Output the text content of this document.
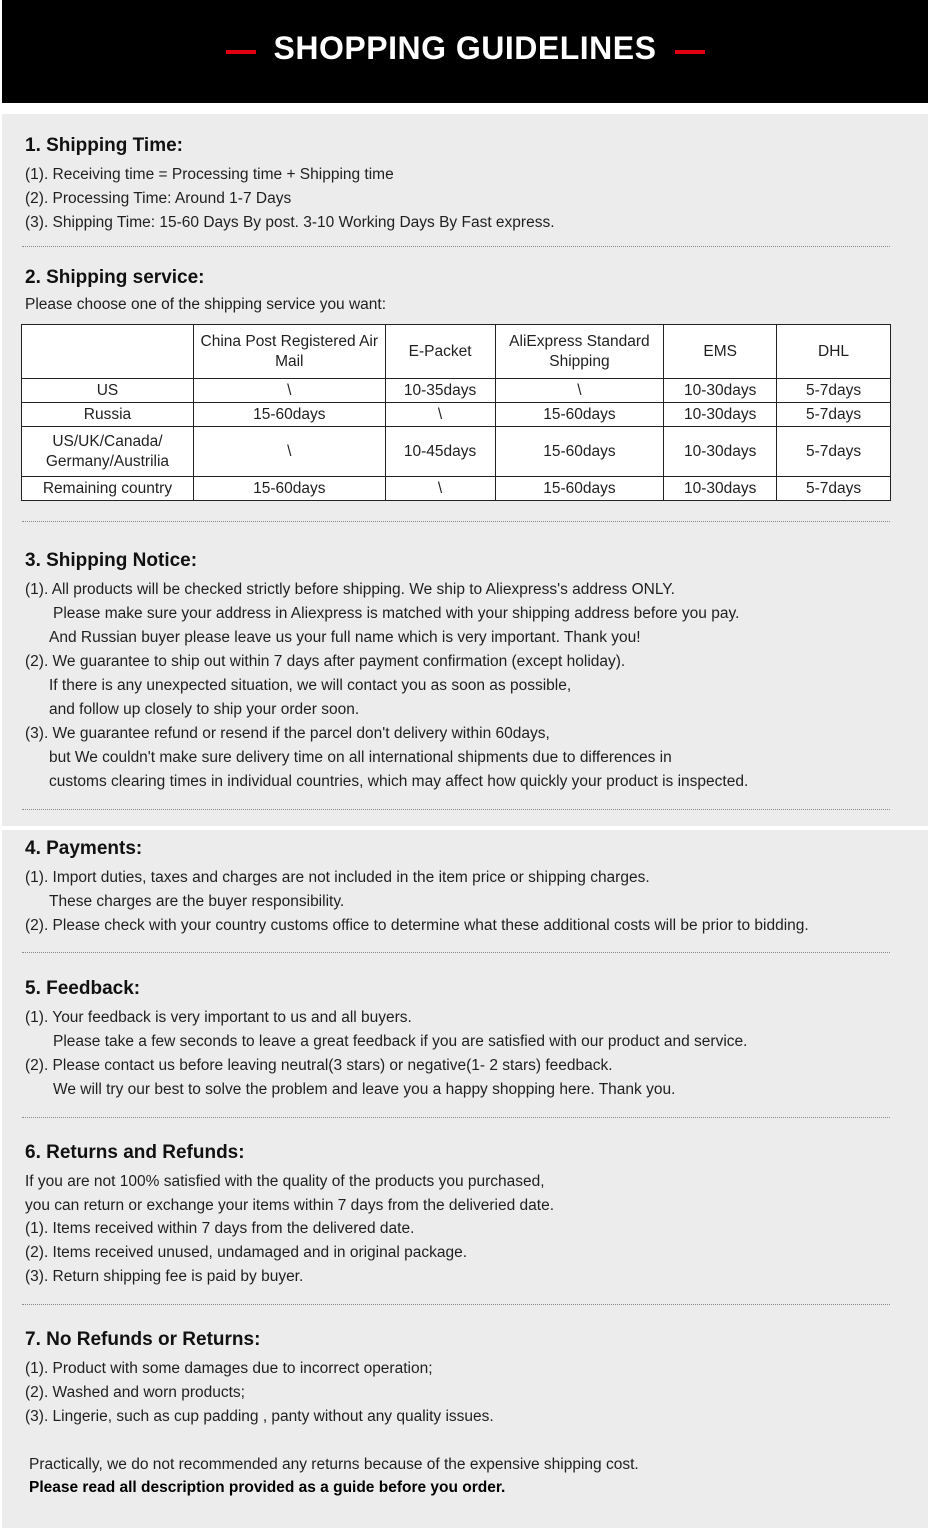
SHOPPING GUIDELINES
1. Shipping Time:
(1). Receiving time = Processing time + Shipping time
(2). Processing Time: Around 1-7 Days
(3). Shipping Time: 15-60 Days By post. 3-10 Working Days By Fast express.
2. Shipping service:
Please choose one of the shipping service you want:
	China Post Registered Air Mail	E-Packet	AliExpress Standard Shipping	EMS	DHL
US	\	10-35days	\	10-30days	5-7days
Russia	15-60days	\	15-60days	10-30days	5-7days
US/UK/Canada/ Germany/Austrilia	\	10-45days	15-60days	10-30days	5-7days
Remaining country	15-60days	\	15-60days	10-30days	5-7days
3. Shipping Notice:
(1). All products will be checked strictly before shipping. We ship to Aliexpress's address ONLY.
Please make sure your address in Aliexpress is matched with your shipping address before you pay.
And Russian buyer please leave us your full name which is very important. Thank you!
(2). We guarantee to ship out within 7 days after payment confirmation (except holiday).
If there is any unexpected situation, we will contact you as soon as possible,
and follow up closely to ship your order soon.
(3). We guarantee refund or resend if the parcel don't delivery within 60days,
but We couldn't make sure delivery time on all international shipments due to differences in
customs clearing times in individual countries, which may affect how quickly your product is inspected.
4. Payments:
(1). Import duties, taxes and charges are not included in the item price or shipping charges.
These charges are the buyer responsibility.
(2). Please check with your country customs office to determine what these additional costs will be prior to bidding.
5. Feedback:
(1). Your feedback is very important to us and all buyers.
Please take a few seconds to leave a great feedback if you are satisfied with our product and service.
(2). Please contact us before leaving neutral(3 stars) or negative(1- 2 stars) feedback.
We will try our best to solve the problem and leave you a happy shopping here. Thank you.
6. Returns and Refunds:
If you are not 100% satisfied with the quality of the products you purchased,
you can return or exchange your items within 7 days from the deliveried date.
(1). Items received within 7 days from the delivered date.
(2). Items received unused, undamaged and in original package.
(3). Return shipping fee is paid by buyer.
7. No Refunds or Returns:
(1). Product with some damages due to incorrect operation;
(2). Washed and worn products;
(3). Lingerie, such as cup padding , panty without any quality issues.
Practically, we do not recommended any returns because of the expensive shipping cost.
Please read all description provided as a guide before you order.
